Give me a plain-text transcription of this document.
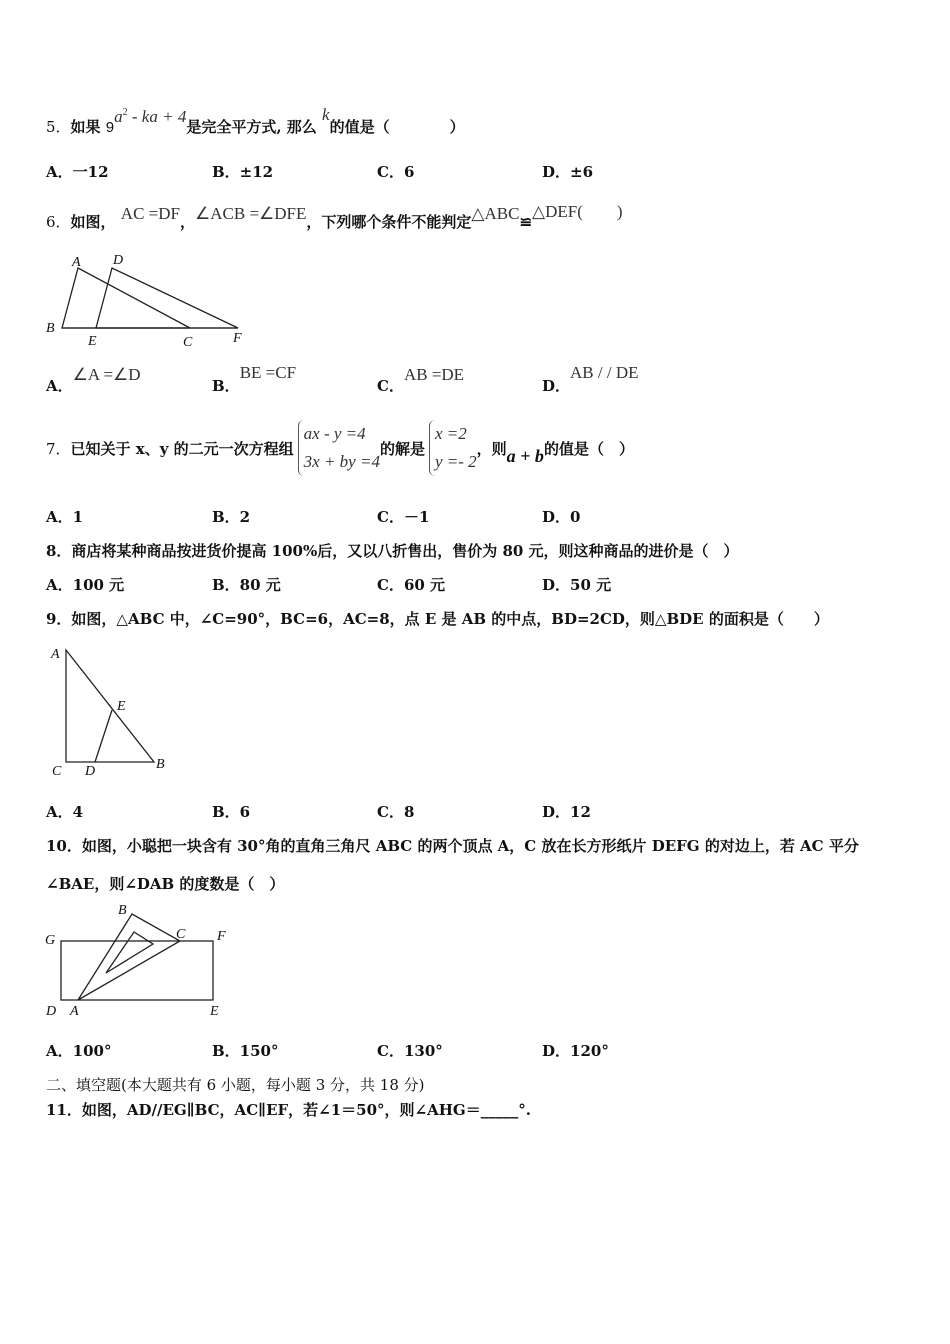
5．如果 $9a^2$ - ka + 4是完全平方式, 那么 k的值是（　　　　）
A．一12	B．±12	C．6	D．±6
6．如图， AC =DF，∠ACB =∠DFE，下列哪个条件不能判定△ABC≌△DEF(　　)
A D
B
E	C	F
A．∠A =∠D
B．BE =CF
C．AB =DE
D．AB / / DE
7． 已知关于 x、y 的二元一次方程组
ax - y =4
3x + by =4
的解是
x =2
y =- 2
，则 a + b 的值是（　）
A．1	B．2	C．－1	D．0
8．商店将某种商品按进货价提高 100%后，又以八折售出，售价为 80 元，则这种商品的进价是（　）
A．100 元	B．80 元	C．60 元	D．50 元
9．如图，△ABC 中，∠C=90°，BC=6，AC=8，点 E 是 AB 的中点，BD=2CD，则△BDE 的面积是（　　）
A
E
C D	B
A．4	B．6	C．8	D．12
10．如图，小聪把一块含有 30°角的直角三角尺 ABC 的两个顶点 A，C 放在长方形纸片 DEFG 的对边上，若 AC 平分
∠BAE，则∠DAB 的度数是（　）
G	F
B
C
D A	E
A．100°	B．150°	C．130°	D．120°
二、填空题(本大题共有 6 小题，每小题 3 分，共 18 分)
11．如图，AD//EG∥BC，AC∥EF，若∠1＝50°，则∠AHG＝_____°.
